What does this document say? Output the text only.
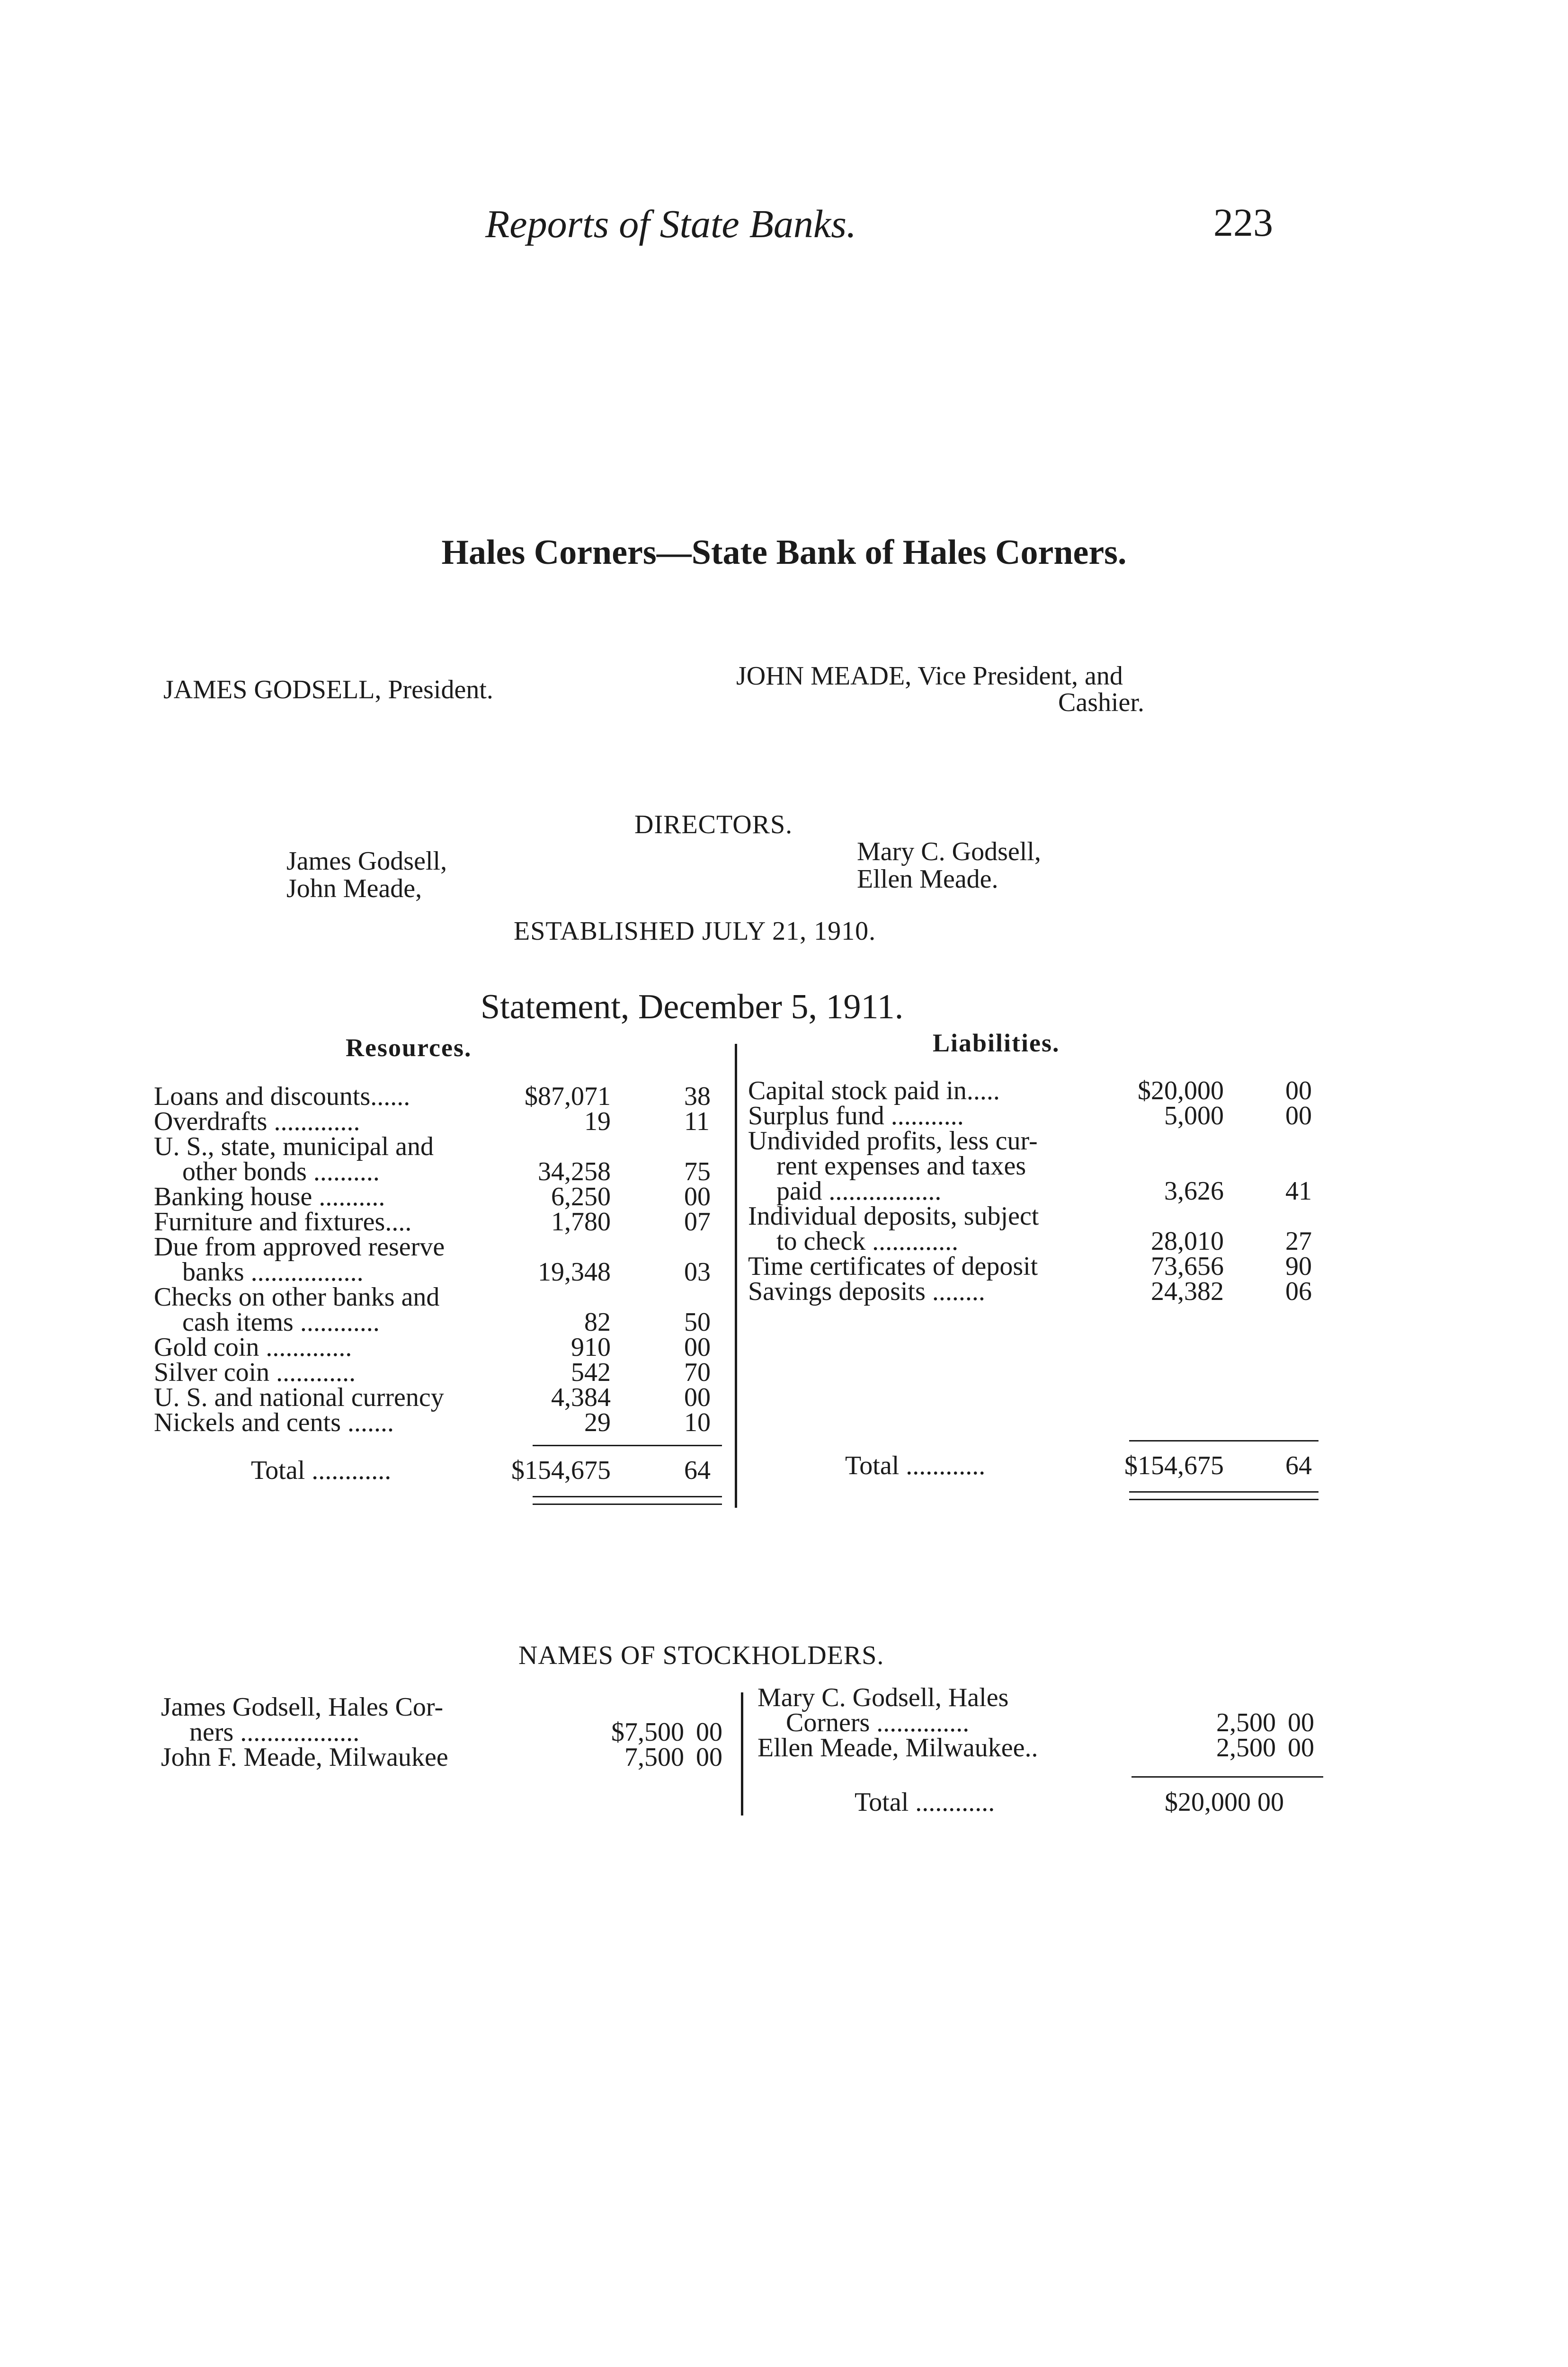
Reports of State Banks.	223
Hales Corners—State Bank of Hales Corners.
JAMES GODSELL, President.	JOHN MEADE, Vice President, and
Cashier.
DIRECTORS.
James Godsell,
John Meade,
Mary C. Godsell,
Ellen Meade.
ESTABLISHED JULY 21, 1910.
Statement, December 5, 1911.
Resources.	Liabilities.
Loans and discounts......	$87,071	38
Overdrafts .............	19	11
U. S., state, municipal and
other bonds ..........	34,258	75
Banking house ..........	6,250	00
Furniture and fixtures....	1,780	07
Due from approved reserve
banks .................	19,348	03
Checks on other banks and
cash items ............	82	50
Gold coin .............	910	00
Silver coin ............	542	70
U. S. and national currency	4,384	00
Nickels and cents .......	29	10
Total ............	$154,675	64
Capital stock paid in.....	$20,000 00
Surplus fund ...........	5,000 00
Undivided profits, less cur-
rent expenses and taxes
paid .................	3,626 41
Individual deposits, subject
to check .............	28,010 27
Time certificates of deposit	73,656 90
Savings deposits ........	24,382 06
Total ............	$154,675 64
NAMES OF STOCKHOLDERS.
James Godsell, Hales Cor-
ners ..................	$7,500 00
John F. Meade, Milwaukee	7,500 00
Mary C. Godsell, Hales
Corners ..............	2,500 00
Ellen Meade, Milwaukee..	2,500 00
Total ............	$20,000 00
